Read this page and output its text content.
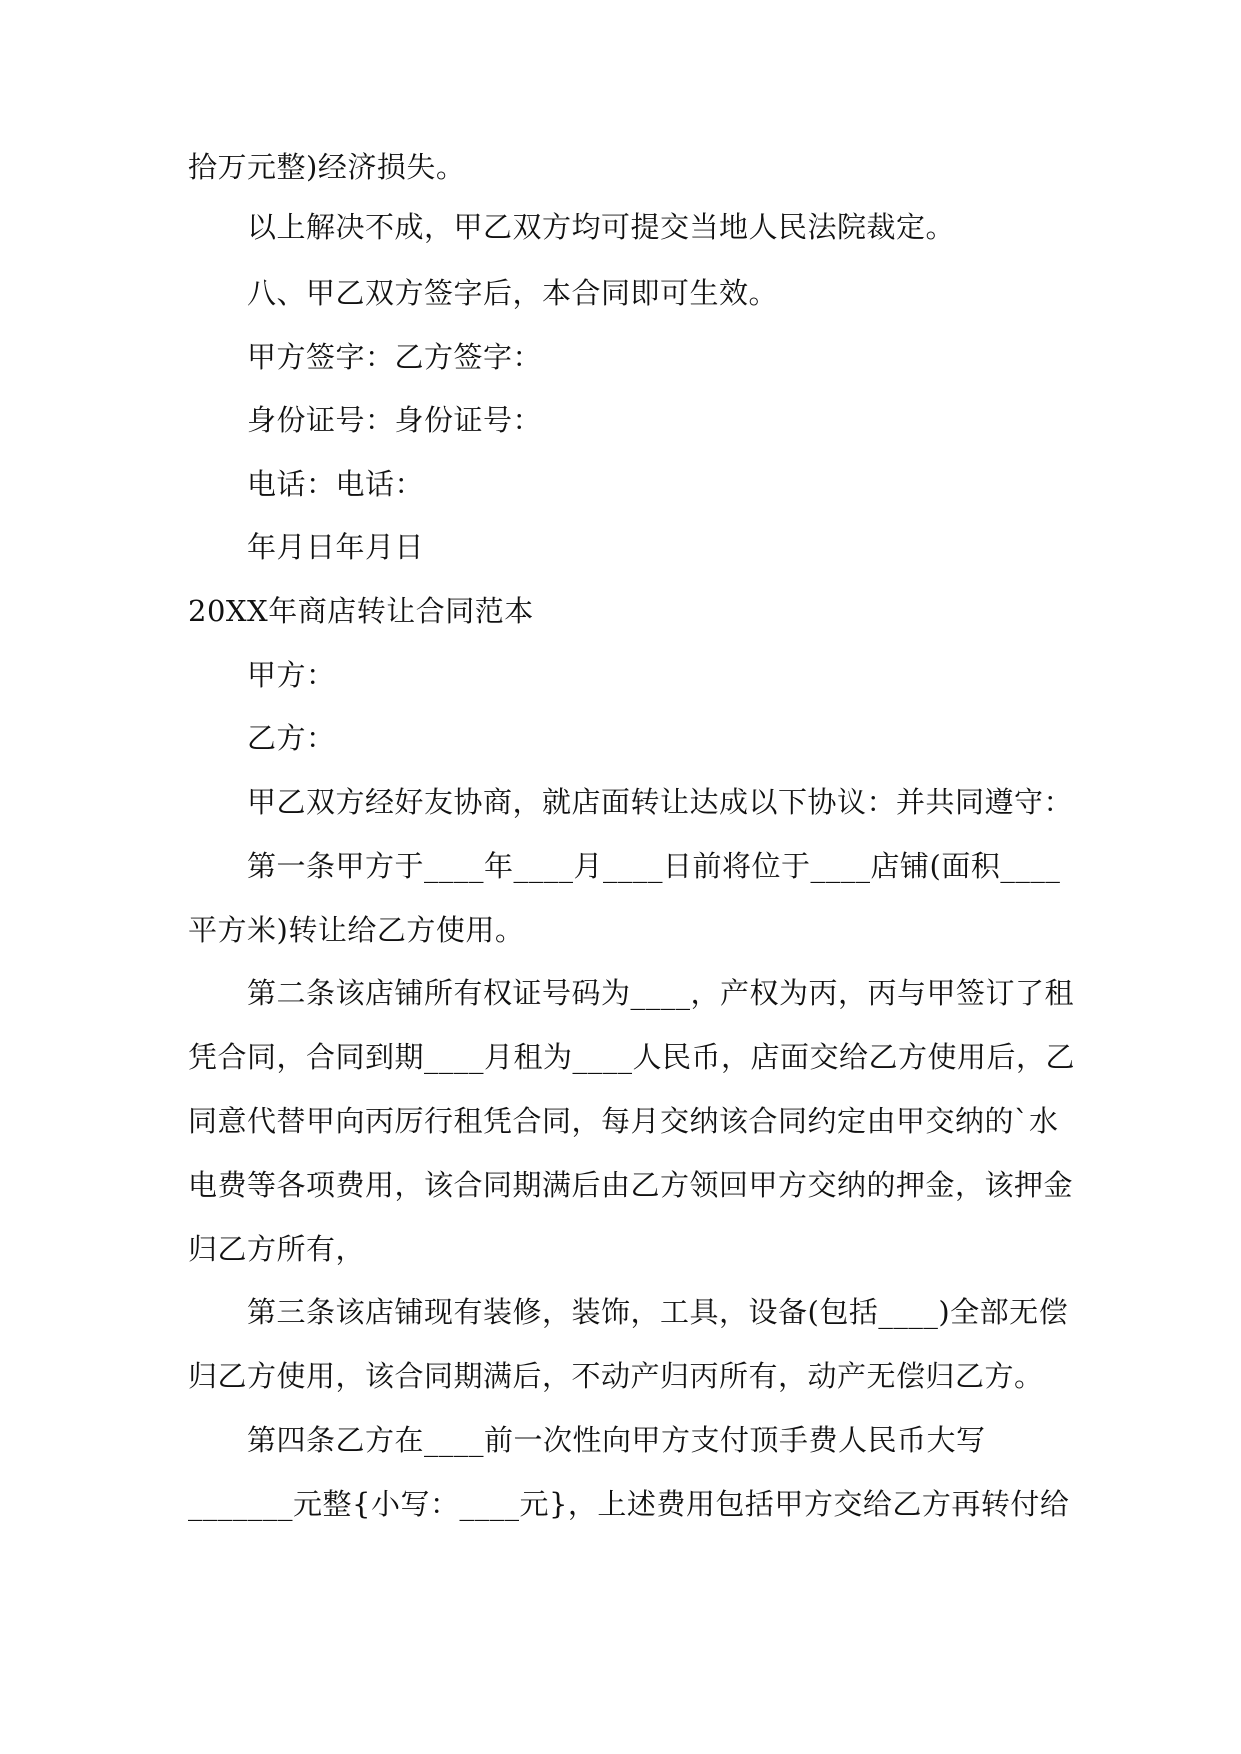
拾万元整)经济损失。
以上解决不成，甲乙双方均可提交当地人民法院裁定。
八、甲乙双方签字后，本合同即可生效。
甲方签字：乙方签字：
身份证号：身份证号：
电话：电话：
年月日年月日
20XX年商店转让合同范本
甲方：
乙方：
甲乙双方经好友协商，就店面转让达成以下协议：并共同遵守：
第一条甲方于____年____月____日前将位于____店铺(面积____
平方米)转让给乙方使用。
第二条该店铺所有权证号码为____，产权为丙，丙与甲签订了租
凭合同，合同到期____月租为____人民币，店面交给乙方使用后，乙
同意代替甲向丙厉行租凭合同，每月交纳该合同约定由甲交纳的`水
电费等各项费用，该合同期满后由乙方领回甲方交纳的押金，该押金
归乙方所有，
第三条该店铺现有装修，装饰，工具，设备(包括____)全部无偿
归乙方使用，该合同期满后，不动产归丙所有，动产无偿归乙方。
第四条乙方在____前一次性向甲方支付顶手费人民币大写
_______元整{小写：____元}，上述费用包括甲方交给乙方再转付给
